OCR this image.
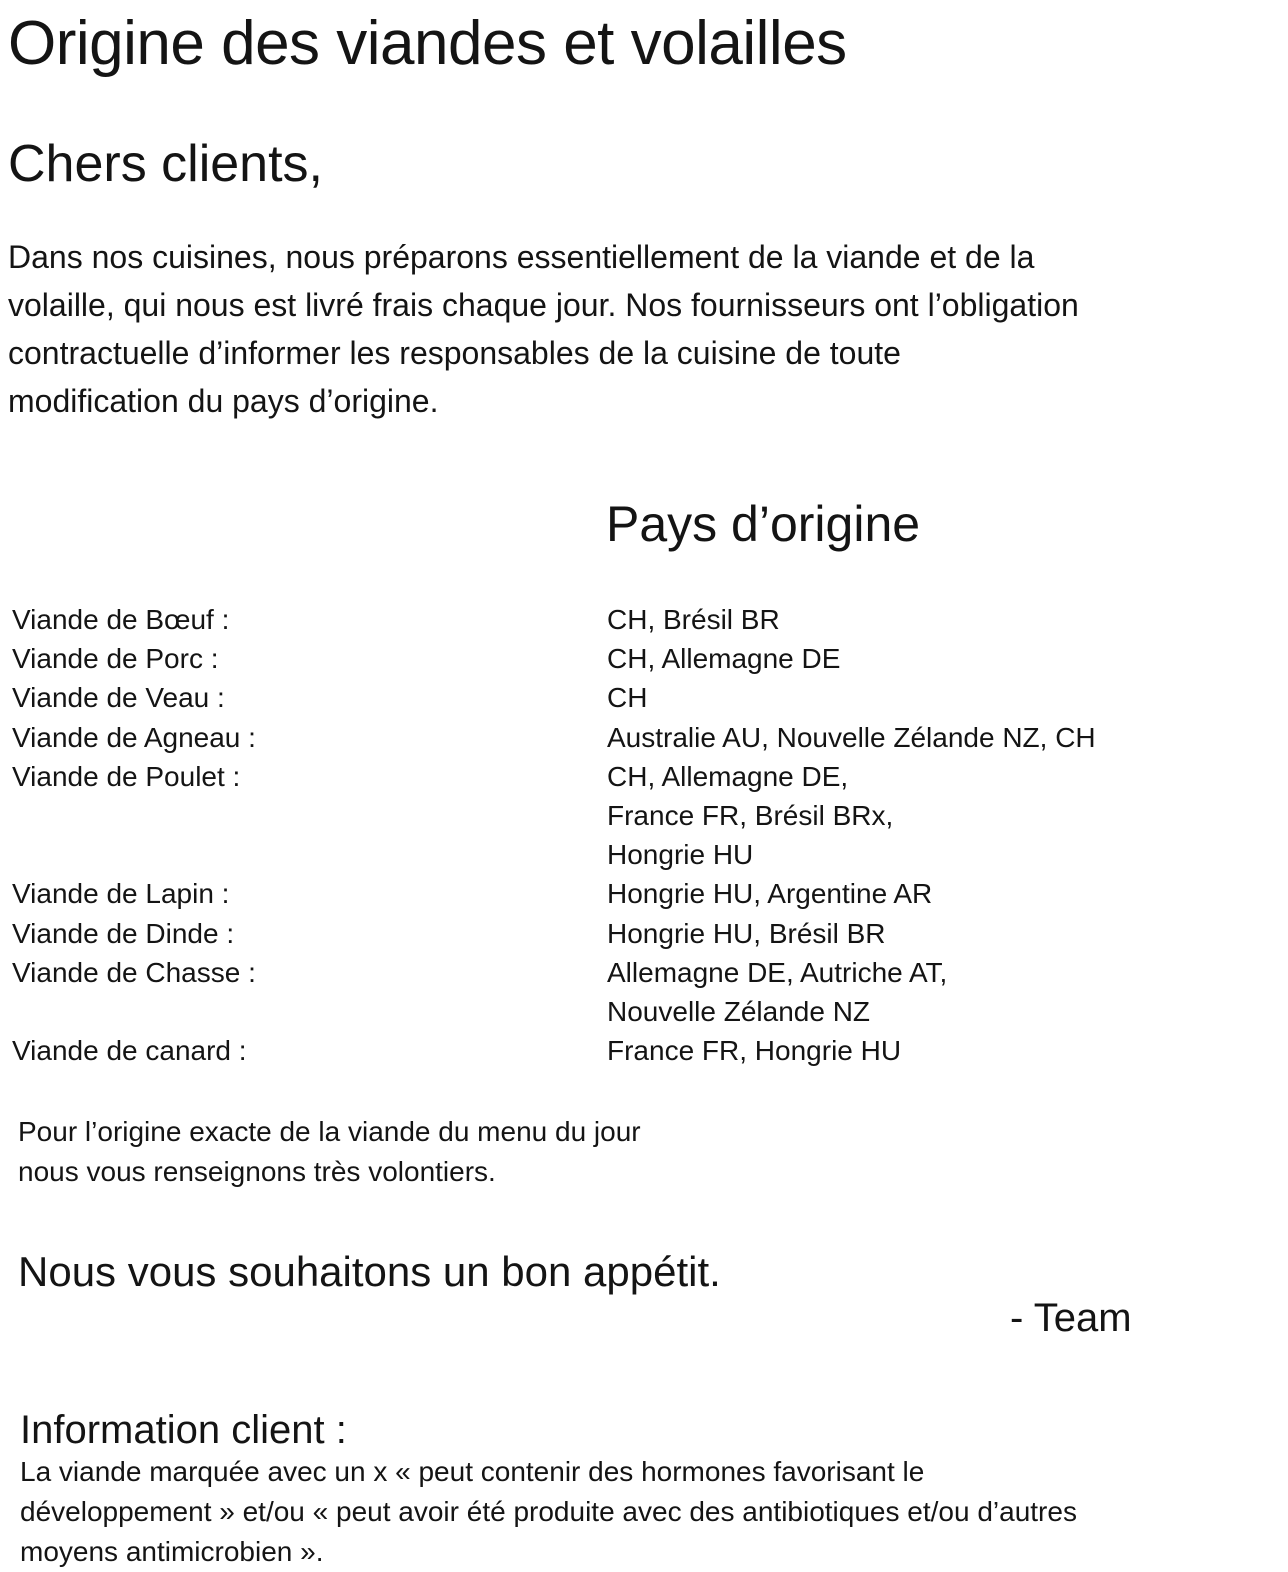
Origine des viandes et volailles
Chers clients,

Dans nos cuisines, nous préparons essentiellement de la viande et de la
volaille, qui nous est livré frais chaque jour. Nos fournisseurs ont l’obligation
contractuelle d’informer les responsables de la cuisine de toute
modification du pays d’origine.

Pays d’origine
Viande de Bœuf :	CH, Brésil BR
Viande de Porc :	CH, Allemagne DE
Viande de Veau :	CH
Viande de Agneau :	Australie AU, Nouvelle Zélande NZ, CH
Viande de Poulet :	CH, Allemagne DE,
France FR, Brésil BRx,
Hongrie HU
Viande de Lapin :	Hongrie HU, Argentine AR
Viande de Dinde :	Hongrie HU, Brésil BR
Viande de Chasse :	Allemagne DE, Autriche AT,
Nouvelle Zélande NZ
Viande de canard :	France FR, Hongrie HU

Pour l’origine exacte de la viande du menu du jour
nous vous renseignons très volontiers.

Nous vous souhaitons un bon appétit.

- Team

Information client :

La viande marquée avec un x « peut contenir des hormones favorisant le
développement » et/ou « peut avoir été produite avec des antibiotiques et/ou d’autres
moyens antimicrobien ».
